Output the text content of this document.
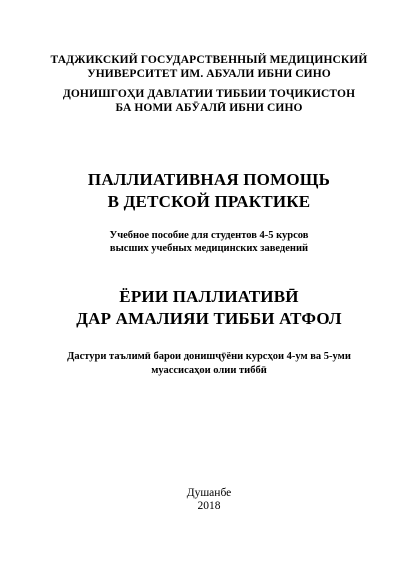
ТАДЖИКСКИЙ ГОСУДАРСТВЕННЫЙ МЕДИЦИНСКИЙ
УНИВЕРСИТЕТ ИМ. АБУАЛИ ИБНИ СИНО
ДОНИШГОҲИ ДАВЛАТИИ ТИББИИ ТОҶИКИСТОН
БА НОМИ АБӮАЛӢ ИБНИ СИНО
ПАЛЛИАТИВНАЯ ПОМОЩЬ
В ДЕТСКОЙ ПРАКТИКЕ
Учебное пособие для студентов 4-5 курсов
высших учебных медицинских заведений
ЁРИИ ПАЛЛИАТИВӢ
ДАР АМАЛИЯИ ТИББИ АТФОЛ
Дастури таълимӣ барои донишҷӯёни курсҳои 4-ум ва 5-уми
муассисаҳои олии тиббӣ
Душанбе
2018
